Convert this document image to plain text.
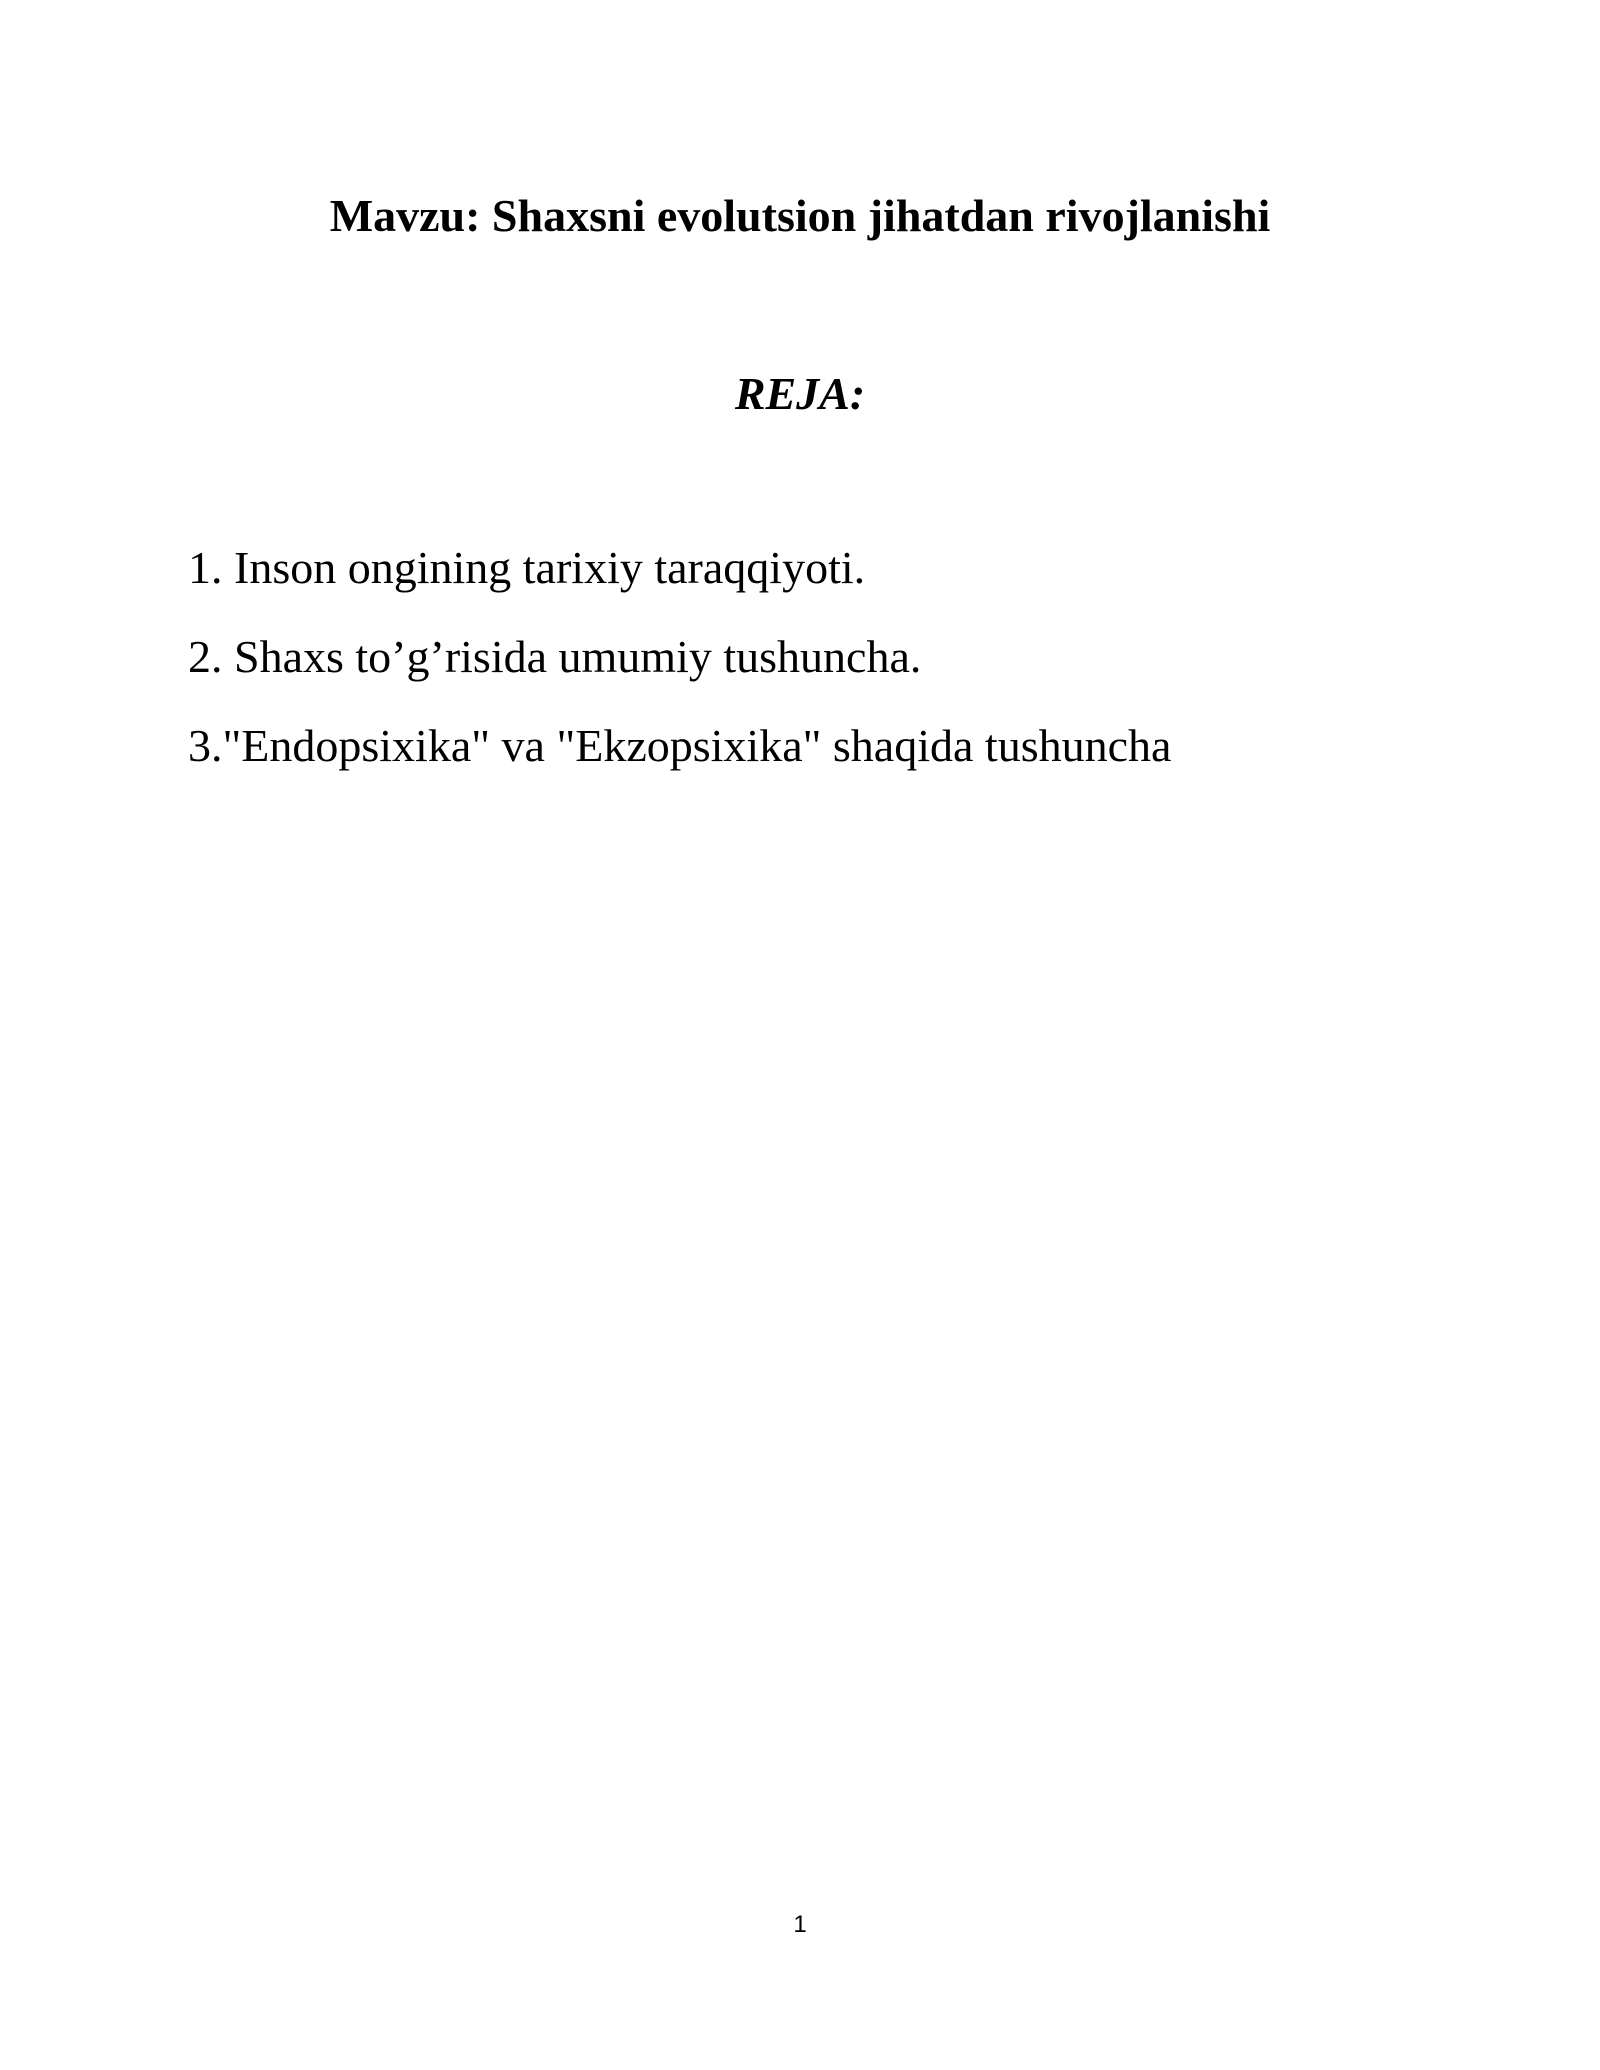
Mavzu: Shaxsni evolutsion jihatdan rivojlanishi
REJA:
1. Inson ongining tarixiy taraqqiyoti.
2. Shaxs to’g’risida umumiy tushuncha.
3."Endopsixika" va "Ekzopsixika" shaqida tushuncha
1
